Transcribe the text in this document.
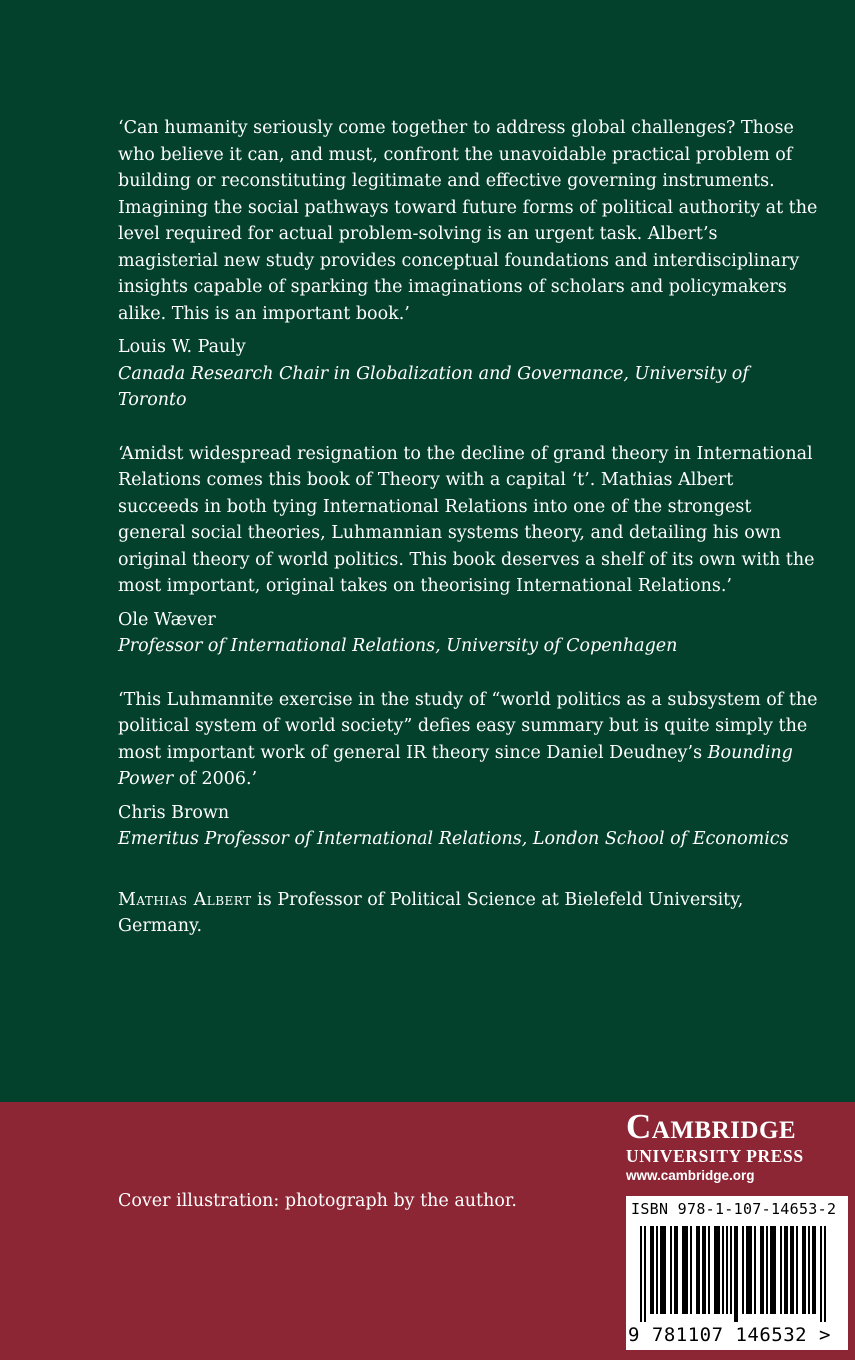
‘Can humanity seriously come together to address global challenges? Those who believe it can, and must, confront the unavoidable practical problem of building or reconstituting legitimate and effective governing instruments. Imagining the social pathways toward future forms of political authority at the level required for actual problem-solving is an urgent task. Albert’s magisterial new study provides conceptual foundations and interdisciplinary insights capable of sparking the imaginations of scholars and policymakers alike. This is an important book.’

Louis W. Pauly

Canada Research Chair in Globalization and Governance, University of Toronto

‘Amidst widespread resignation to the decline of grand theory in International Relations comes this book of Theory with a capital ‘t’. Mathias Albert succeeds in both tying International Relations into one of the strongest general social theories, Luhmannian systems theory, and detailing his own original theory of world politics. This book deserves a shelf of its own with the most important, original takes on theorising International Relations.’

Ole Wæver

Professor of International Relations, University of Copenhagen

‘This Luhmannite exercise in the study of “world politics as a subsystem of the political system of world society” defies easy summary but is quite simply the most important work of general IR theory since Daniel Deudney’s Bounding Power of 2006.’

Chris Brown

Emeritus Professor of International Relations, London School of Economics

Mathias Albert is Professor of Political Science at Bielefeld University, Germany.

Cover illustration: photograph by the author.
Cambridge
UNIVERSITY PRESS
www.cambridge.org
ISBN 978-1-107-14653-2
9 781107 146532 >
